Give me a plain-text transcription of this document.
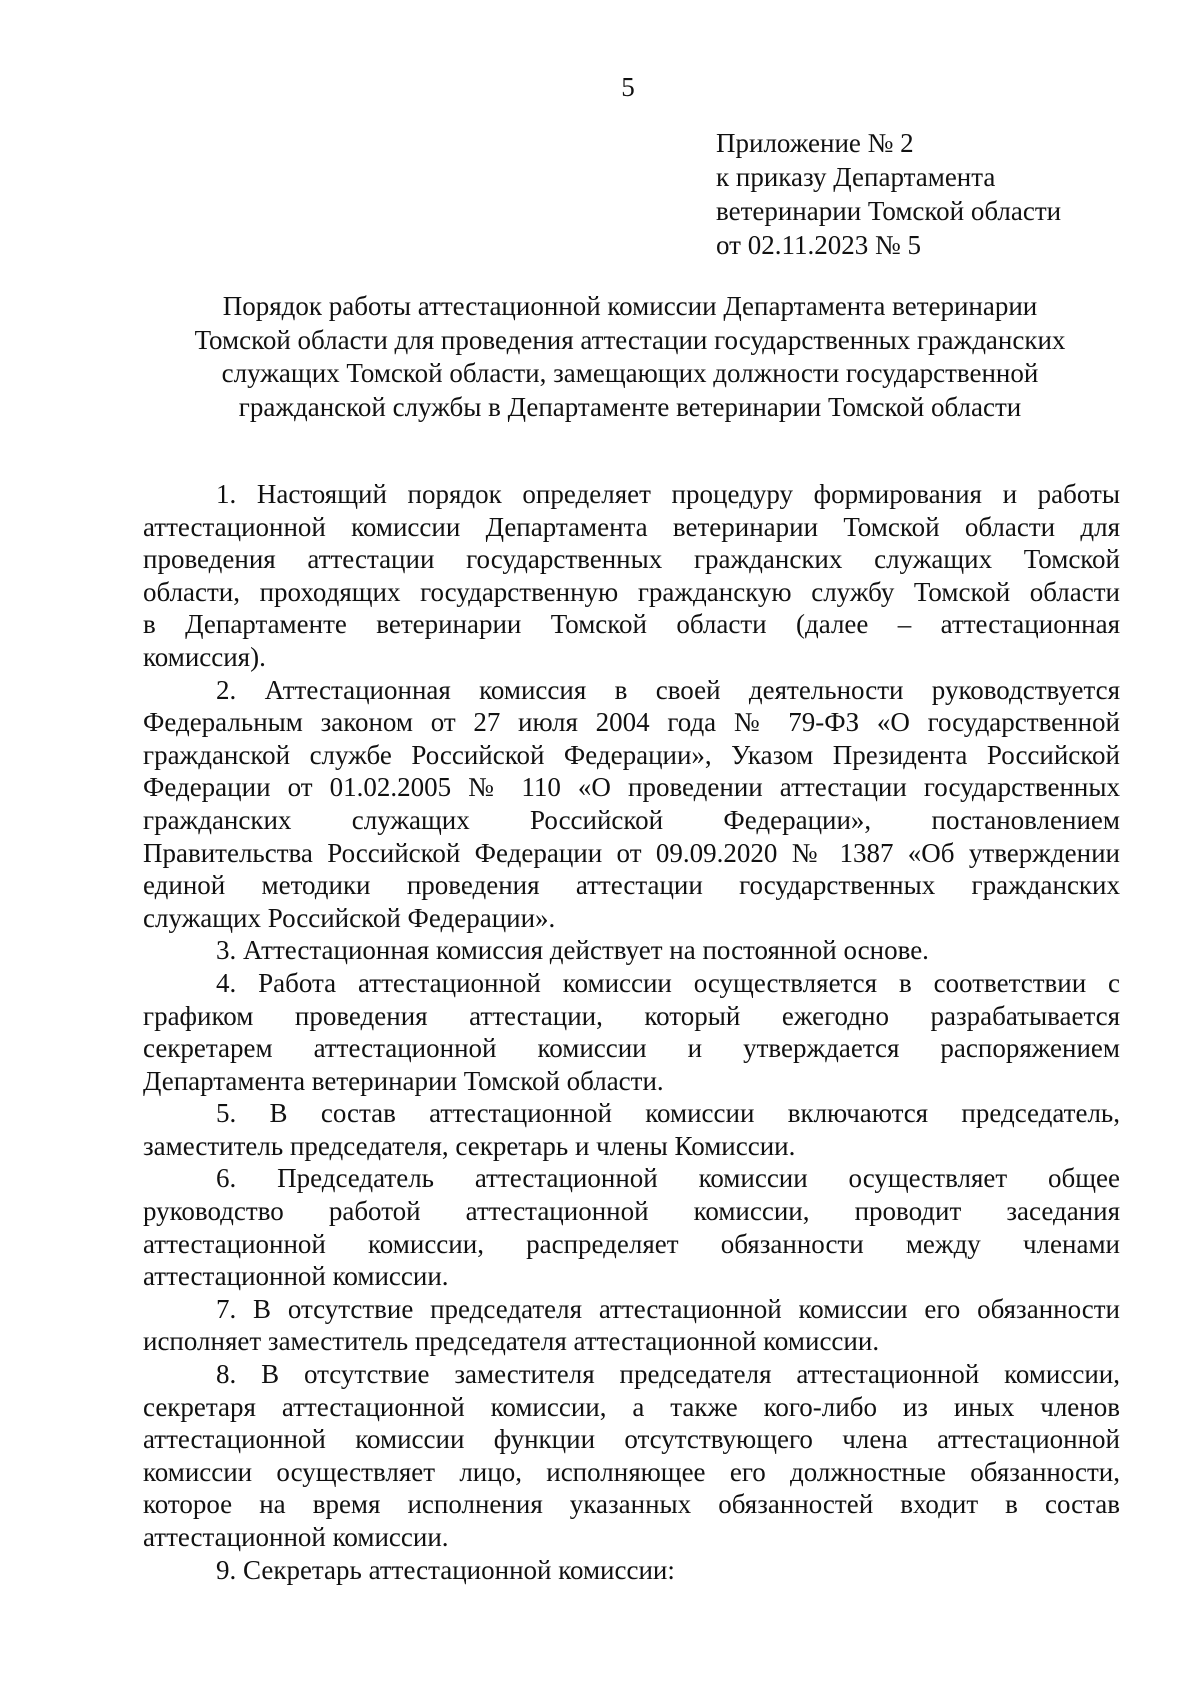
5
Приложение № 2
к приказу Департамента
ветеринарии Томской области
от 02.11.2023 № 5
Порядок работы аттестационной комиссии Департамента ветеринарии
Томской области для проведения аттестации государственных гражданских
служащих Томской области, замещающих должности государственной
гражданской службы в Департаменте ветеринарии Томской области
1. Настоящий порядок определяет процедуру формирования и работы
аттестационной комиссии Департамента ветеринарии Томской области для
проведения аттестации государственных гражданских служащих Томской
области, проходящих государственную гражданскую службу Томской области
в Департаменте ветеринарии Томской области (далее – аттестационная
комиссия).
2. Аттестационная комиссия в своей деятельности руководствуется
Федеральным законом от 27 июля 2004 года № 79-ФЗ «О государственной
гражданской службе Российской Федерации», Указом Президента Российской
Федерации от 01.02.2005 № 110 «О проведении аттестации государственных
гражданских служащих Российской Федерации», постановлением
Правительства Российской Федерации от 09.09.2020 № 1387 «Об утверждении
единой методики проведения аттестации государственных гражданских
служащих Российской Федерации».
3. Аттестационная комиссия действует на постоянной основе.
4. Работа аттестационной комиссии осуществляется в соответствии с
графиком проведения аттестации, который ежегодно разрабатывается
секретарем аттестационной комиссии и утверждается распоряжением
Департамента ветеринарии Томской области.
5. В состав аттестационной комиссии включаются председатель,
заместитель председателя, секретарь и члены Комиссии.
6. Председатель аттестационной комиссии осуществляет общее
руководство работой аттестационной комиссии, проводит заседания
аттестационной комиссии, распределяет обязанности между членами
аттестационной комиссии.
7. В отсутствие председателя аттестационной комиссии его обязанности
исполняет заместитель председателя аттестационной комиссии.
8. В отсутствие заместителя председателя аттестационной комиссии,
секретаря аттестационной комиссии, а также кого-либо из иных членов
аттестационной комиссии функции отсутствующего члена аттестационной
комиссии осуществляет лицо, исполняющее его должностные обязанности,
которое на время исполнения указанных обязанностей входит в состав
аттестационной комиссии.
9. Секретарь аттестационной комиссии:
